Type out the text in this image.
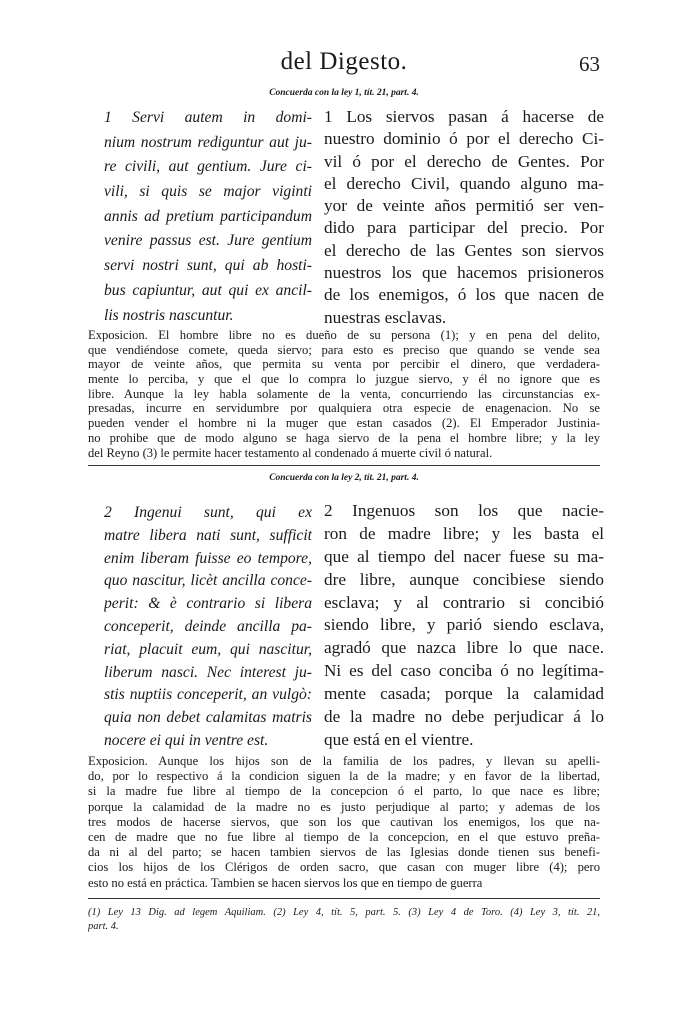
del Digesto.	63
Concuerda con la ley 1, tít. 21, part. 4.
1 Servi autem in domi-
nium nostrum rediguntur aut ju-
re civili, aut gentium. Jure ci-
vili, si quis se major viginti
annis ad pretium participandum
venire passus est. Jure gentium
servi nostri sunt, qui ab hosti-
bus capiuntur, aut qui ex ancil-
lis nostris nascuntur.
1 Los siervos pasan á hacerse de
nuestro dominio ó por el derecho Ci-
vil ó por el derecho de Gentes. Por
el derecho Civil, quando alguno ma-
yor de veinte años permitió ser ven-
dido para participar del precio. Por
el derecho de las Gentes son siervos
nuestros los que hacemos prisioneros
de los enemigos, ó los que nacen de
nuestras esclavas.
Exposicion. El hombre libre no es dueño de su persona (1); y en pena del delito,
que vendiéndose comete, queda siervo; para esto es preciso que quando se vende sea
mayor de veinte años, que permita su venta por percibir el dinero, que verdadera-
mente lo perciba, y que el que lo compra lo juzgue siervo, y él no ignore que es
libre. Aunque la ley habla solamente de la venta, concurriendo las circunstancias ex-
presadas, incurre en servidumbre por qualquiera otra especie de enagenacion. No se
pueden vender el hombre ni la muger que estan casados (2). El Emperador Justinia-
no prohibe que de modo alguno se haga siervo de la pena el hombre libre; y la ley
del Reyno (3) le permite hacer testamento al condenado á muerte civil ó natural.
Concuerda con la ley 2, tít. 21, part. 4.
2 Ingenui sunt, qui ex
matre libera nati sunt, sufficit
enim liberam fuisse eo tempore,
quo nascitur, licèt ancilla conce-
perit: & è contrario si libera
conceperit, deinde ancilla pa-
riat, placuit eum, qui nascitur,
liberum nasci. Nec interest ju-
stis nuptiis conceperit, an vulgò:
quia non debet calamitas matris
nocere ei qui in ventre est.
2 Ingenuos son los que nacie-
ron de madre libre; y les basta el
que al tiempo del nacer fuese su ma-
dre libre, aunque concibiese siendo
esclava; y al contrario si concibió
siendo libre, y parió siendo esclava,
agradó que nazca libre lo que nace.
Ni es del caso conciba ó no legítima-
mente casada; porque la calamidad
de la madre no debe perjudicar á lo
que está en el vientre.
Exposicion. Aunque los hijos son de la familia de los padres, y llevan su apelli-
do, por lo respectivo á la condicion siguen la de la madre; y en favor de la libertad,
si la madre fue libre al tiempo de la concepcion ó el parto, lo que nace es libre;
porque la calamidad de la madre no es justo perjudique al parto; y ademas de los
tres modos de hacerse siervos, que son los que cautivan los enemigos, los que na-
cen de madre que no fue libre al tiempo de la concepcion, en el que estuvo preña-
da ni al del parto; se hacen tambien siervos de las Iglesias donde tienen sus benefi-
cios los hijos de los Clérigos de orden sacro, que casan con muger libre (4); pero
esto no está en práctica. Tambien se hacen siervos los que en tiempo de guerra
(1) Ley 13 Dig. ad legem Aquiliam. (2) Ley 4, tít. 5, part. 5. (3) Ley 4 de Toro. (4) Ley 3, tít. 21,
part. 4.
